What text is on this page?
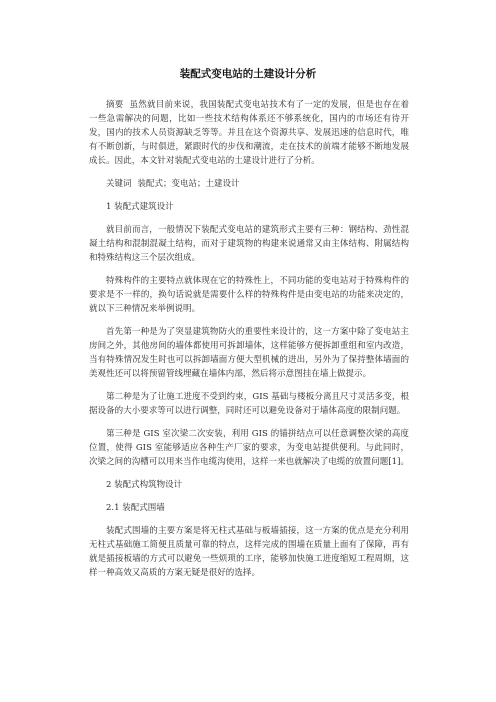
装配式变电站的土建设计分析

摘要 虽然就目前来说，我国装配式变电站技术有了一定的发展，但是也存在着一些急需解决的问题，比如一些技术结构体系还不够系统化，国内的市场还有待开发，国内的技术人员资源缺乏等等。并且在这个资源共享、发展迅速的信息时代，唯有不断创新，与时俱进，紧跟时代的步伐和潮流，走在技术的前端才能够不断地发展成长。因此，本文针对装配式变电站的土建设计进行了分析。

关键词 装配式；变电站；土建设计

1 装配式建筑设计

就目前而言，一般情况下装配式变电站的建筑形式主要有三种：钢结构、劲性混凝土结构和混制混凝土结构，而对于建筑物的构建来说通常又由主体结构、附属结构和特殊结构这三个层次组成。

特殊构件的主要特点就体现在它的特殊性上，不同功能的变电站对于特殊构件的要求是不一样的，换句话说就是需要什么样的特殊构件是由变电站的功能来决定的，就以下三种情况来举例说明。

首先第一种是为了突显建筑物防火的重要性来设计的，这一方案中除了变电站主房间之外，其他房间的墙体都使用可拆卸墙体，这样能够方便拆卸重组和室内改造，当有特殊情况发生时也可以拆卸墙面方便大型机械的进出，另外为了保持整体墙面的美观性还可以将预留管线埋藏在墙体内部，然后将示意图挂在墙上做提示。

第二种是为了让施工进度不受到约束，GIS 基础与楼板分离且尺寸灵活多变，根据设备的大小要求等可以进行调整，同时还可以避免设备对于墙体高度的限制问题。

第三种是 GIS 室次梁二次安装，利用 GIS 的锚拼结点可以任意调整次梁的高度位置，使得 GIS 室能够适应各种生产厂家的要求，为变电站提供便利。与此同时，次梁之间的沟槽可以用来当作电缆沟使用，这样一来也就解决了电缆的放置问题[1]。

2 装配式构筑物设计

2.1 装配式围墙

装配式围墙的主要方案是将无柱式基础与板墙插接，这一方案的优点是充分利用无柱式基础施工简便且质量可靠的特点，这样完成的围墙在质量上面有了保障，再有就是插接板墙的方式可以避免一些烦琐的工序，能够加快施工进度缩短工程周期，这样一种高效又高质的方案无疑是很好的选择。
